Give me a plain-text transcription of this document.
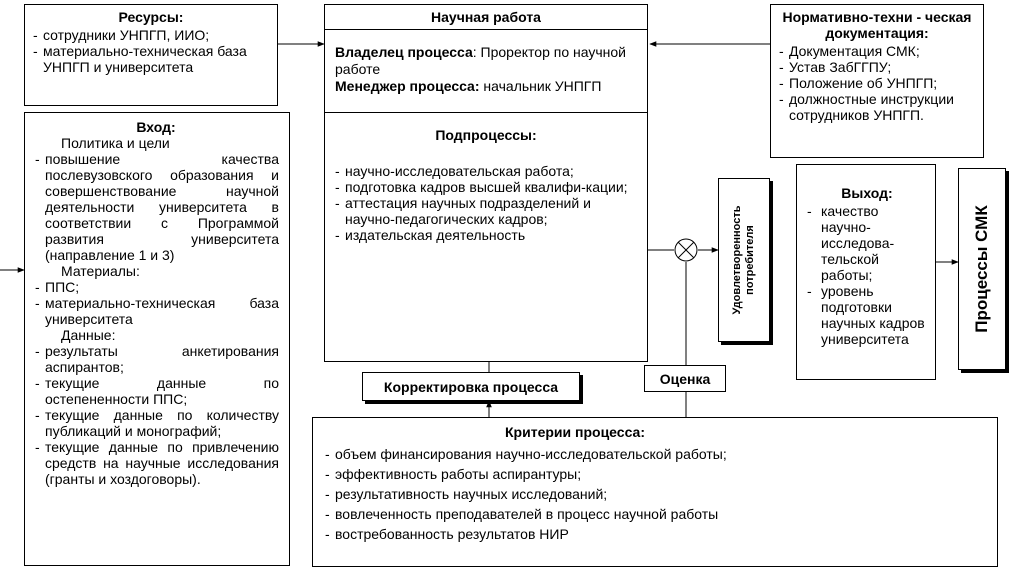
Ресурсы:
- сотрудники УНПГП, ИИО;
- материально-техническая база УНПГП и университета
Научная работа
Владелец процесса: Проректор по научной работе
Менеджер процесса: начальник УНПГП
Подпроцессы:
- научно-исследовательская работа;
- подготовка кадров высшей квалифи-кации;
- аттестация научных подразделений и научно-педагогических кадров;
- издательская деятельность
Нормативно-техни - ческая документация:
- Документация СМК;
- Устав ЗабГГПУ;
- Положение об УНПГП;
- должностные инструкции сотрудников УНПГП.
Вход:
Политика и цели
- повышение качества послевузовского образования и совершенствование научной деятельности университета в соответствии с Программой развития университета (направление 1 и 3)
Материалы:
- ППС;
- материально-техническая база университета
Данные:
- результаты анкетирования аспирантов;
- текущие данные по остепененности ППС;
- текущие данные по количеству публикаций и монографий;
- текущие данные по привлечению средств на научные исследования (гранты и хоздоговоры).
Удовлетворенность потребителя
Выход:
- качество научно-исследова-тельской работы;
- уровень подготовки научных кадров университета
Процессы СМК
Корректировка процесса	Оценка
Критерии процесса:
- объем финансирования научно-исследовательской работы;
- эффективность работы аспирантуры;
- результативность научных исследований;
- вовлеченность преподавателей в процесс научной работы
- востребованность результатов НИР
